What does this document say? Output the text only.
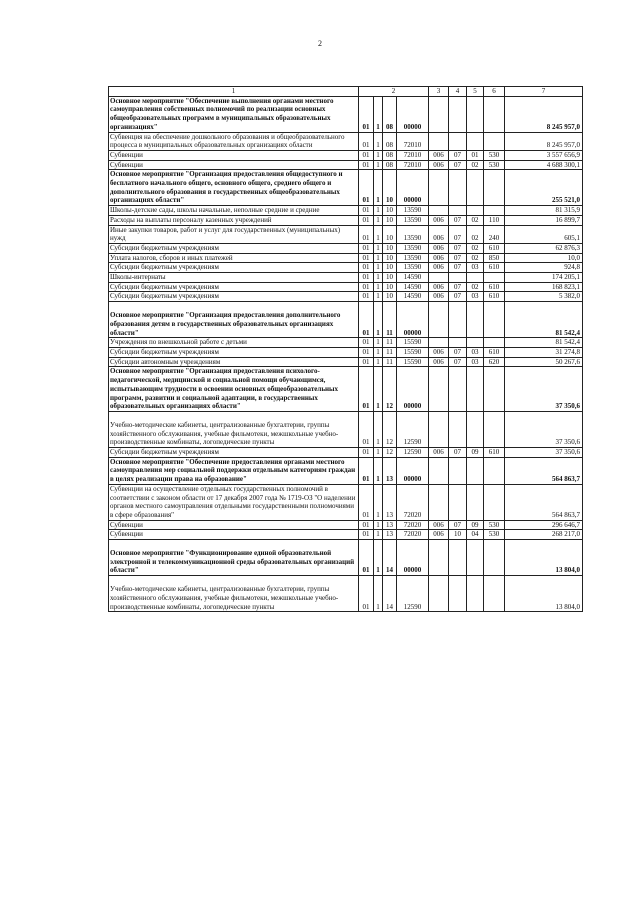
2
1	2				3	4	5	6	7
Основное мероприятие "Обеспечение выполнения органами местного самоуправления собственных полномочий по реализации основных общеобразовательных программ в муниципальных образовательных организациях"	01	1	08	00000					8 245 957,0
Субвенция на обеспечение дошкольного образования и общеобразовательного процесса в муниципальных образовательных организациях области	01	1	08	72010					8 245 957,0
Субвенции	01	1	08	72010	006	07	01	530	3 557 656,9
Субвенции	01	1	08	72010	006	07	02	530	4 688 300,1
Основное мероприятие "Организация предоставления общедоступного и бесплатного начального общего, основного общего, среднего общего и дополнительного образования в государственных общеобразовательных организациях области"	01	1	10	00000					255 521,0
Школы-детские сады, школы начальные, неполные средние и средние	01	1	10	13590					81 315,9
Расходы на выплаты персоналу казенных учреждений	01	1	10	13590	006	07	02	110	16 899,7
Иные закупки товаров, работ и услуг для государственных (муниципальных) нужд	01	1	10	13590	006	07	02	240	605,1
Субсидии бюджетным учреждениям	01	1	10	13590	006	07	02	610	62 876,3
Уплата налогов, сборов и иных платежей	01	1	10	13590	006	07	02	850	10,0
Субсидии бюджетным учреждениям	01	1	10	13590	006	07	03	610	924,8
Школы-интернаты	01	1	10	14590					174 205,1
Субсидии бюджетным учреждениям	01	1	10	14590	006	07	02	610	168 823,1
Субсидии бюджетным учреждениям	01	1	10	14590	006	07	03	610	5 382,0

Основное мероприятие "Организация предоставления дополнительного образования детям в государственных образовательных организациях области"	01	1	11	00000					81 542,4
Учреждения по внешкольной работе с детьми	01	1	11	15590					81 542,4
Субсидии бюджетным учреждениям	01	1	11	15590	006	07	03	610	31 274,8
Субсидии автономным учреждениям	01	1	11	15590	006	07	03	620	50 267,6
Основное мероприятие "Организация предоставления психолого-педагогической, медицинской и социальной помощи обучающимся, испытывающим трудности в освоении основных общеобразовательных программ, развитии и социальной адаптации, в государственных образовательных организациях области"	01	1	12	00000					37 350,6

Учебно-методические кабинеты, централизованные бухгалтерии, группы хозяйственного обслуживания, учебные фильмотеки, межшкольные учебно-производственные комбинаты, логопедические пункты	01	1	12	12590					37 350,6
Субсидии бюджетным учреждениям	01	1	12	12590	006	07	09	610	37 350,6
Основное мероприятие "Обеспечение предоставления органами местного самоуправления мер социальной поддержки отдельным категориям граждан в целях реализации права на образование"	01	1	13	00000					564 863,7
Субвенции на осуществление отдельных государственных полномочий в соответствии с законом области от 17 декабря 2007 года № 1719-ОЗ "О наделении органов местного самоуправления отдельными государственными полномочиями в сфере образования"	01	1	13	72020					564 863,7
Субвенции	01	1	13	72020	006	07	09	530	296 646,7
Субвенции	01	1	13	72020	006	10	04	530	268 217,0

Основное мероприятие "Функционирование единой образовательной электронной и телекоммуникационной среды образовательных организаций области"	01	1	14	00000					13 804,0

Учебно-методические кабинеты, централизованные бухгалтерии, группы хозяйственного обслуживания, учебные фильмотеки, межшкольные учебно-производственные комбинаты, логопедические пункты	01	1	14	12590					13 804,0
